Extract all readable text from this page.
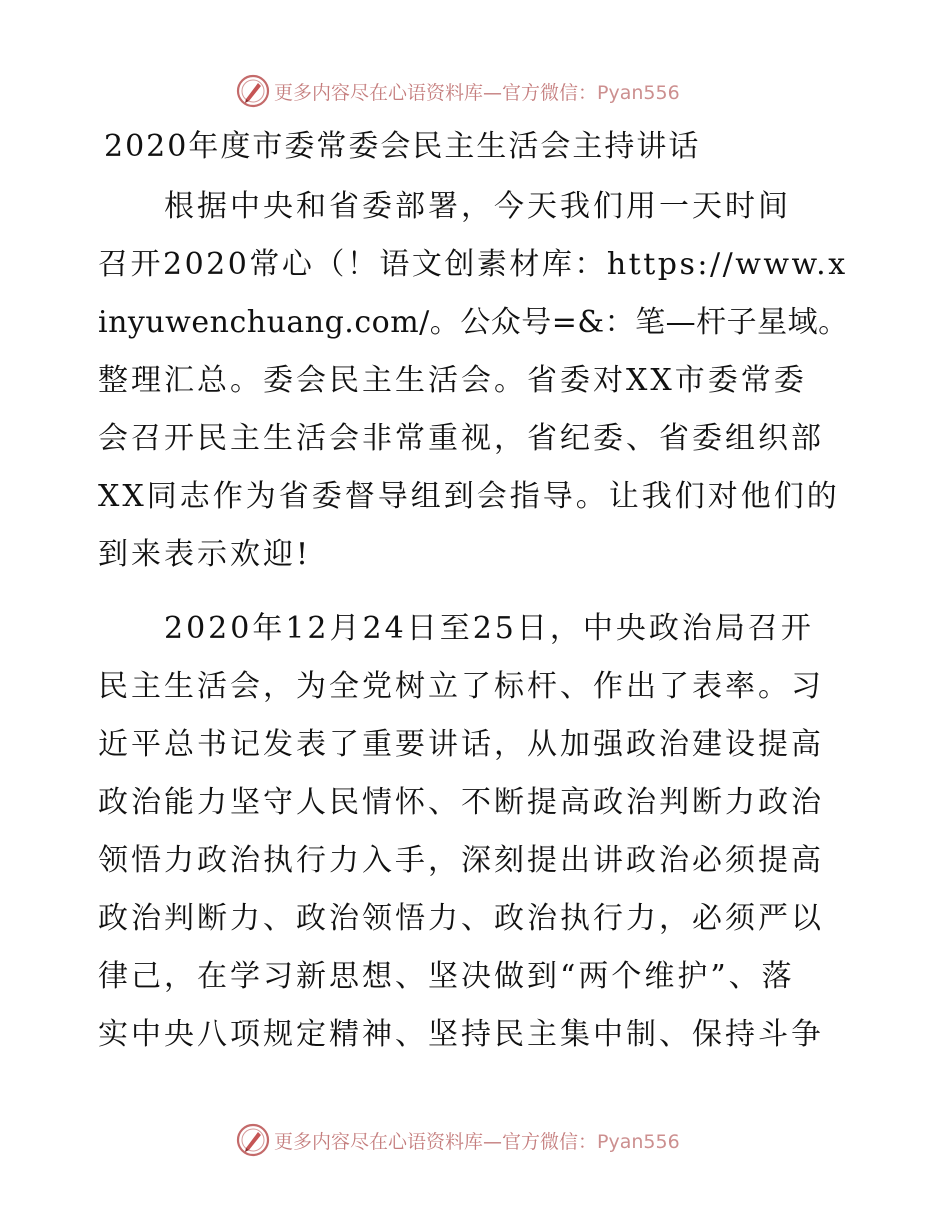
更多内容尽在心语资料库—官方微信：Pyan556
2020年度市委常委会民主生活会主持讲话
　　根据中央和省委部署，今天我们用一天时间
召开2020常心（！语文创素材库：https://www.x
inyuwenchuang.com/。公众号=&：笔—杆子星域。
整理汇总。委会民主生活会。省委对XX市委常委
会召开民主生活会非常重视，省纪委、省委组织部
XX同志作为省委督导组到会指导。让我们对他们的
到来表示欢迎!
　　2020年12月24日至25日，中央政治局召开
民主生活会，为全党树立了标杆、作出了表率。习
近平总书记发表了重要讲话，从加强政治建设提高
政治能力坚守人民情怀、不断提高政治判断力政治
领悟力政治执行力入手，深刻提出讲政治必须提高
政治判断力、政治领悟力、政治执行力，必须严以
律己，在学习新思想、坚决做到“两个维护”、落
实中央八项规定精神、坚持民主集中制、保持斗争
更多内容尽在心语资料库—官方微信：Pyan556
